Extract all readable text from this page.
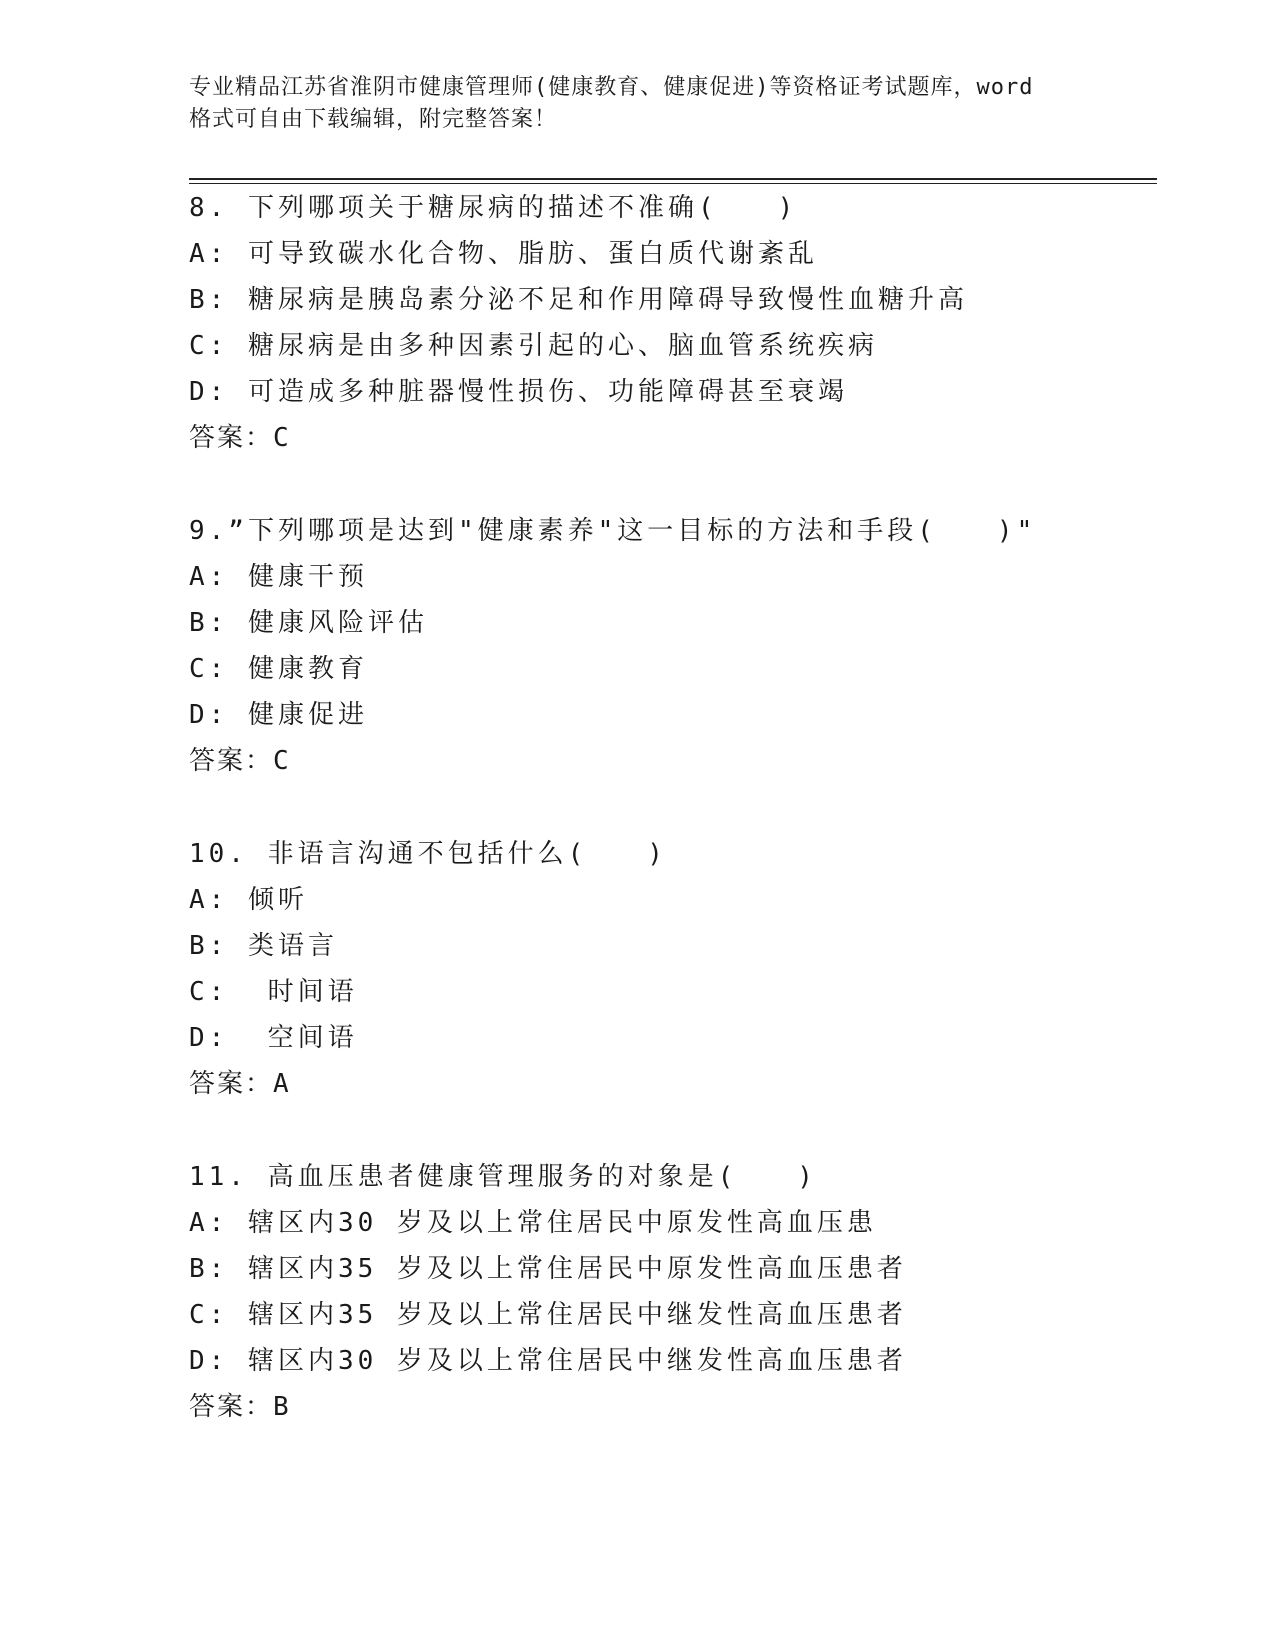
专业精品江苏省淮阴市健康管理师(健康教育、健康促进)等资格证考试题库，word
格式可自由下载编辑，附完整答案！
8. 下列哪项关于糖尿病的描述不准确(　　)
A: 可导致碳水化合物、脂肪、蛋白质代谢紊乱
B: 糖尿病是胰岛素分泌不足和作用障碍导致慢性血糖升高
C: 糖尿病是由多种因素引起的心、脑血管系统疾病
D: 可造成多种脏器慢性损伤、功能障碍甚至衰竭
答案：C
9.”下列哪项是达到"健康素养"这一目标的方法和手段(　　)"
A: 健康干预
B: 健康风险评估
C: 健康教育
D: 健康促进
答案：C
10. 非语言沟通不包括什么(　　)
A: 倾听
B: 类语言
C:  时间语
D:  空间语
答案：A
11. 高血压患者健康管理服务的对象是(　　)
A: 辖区内30 岁及以上常住居民中原发性高血压患
B: 辖区内35 岁及以上常住居民中原发性高血压患者
C: 辖区内35 岁及以上常住居民中继发性高血压患者
D: 辖区内30 岁及以上常住居民中继发性高血压患者
答案：B
